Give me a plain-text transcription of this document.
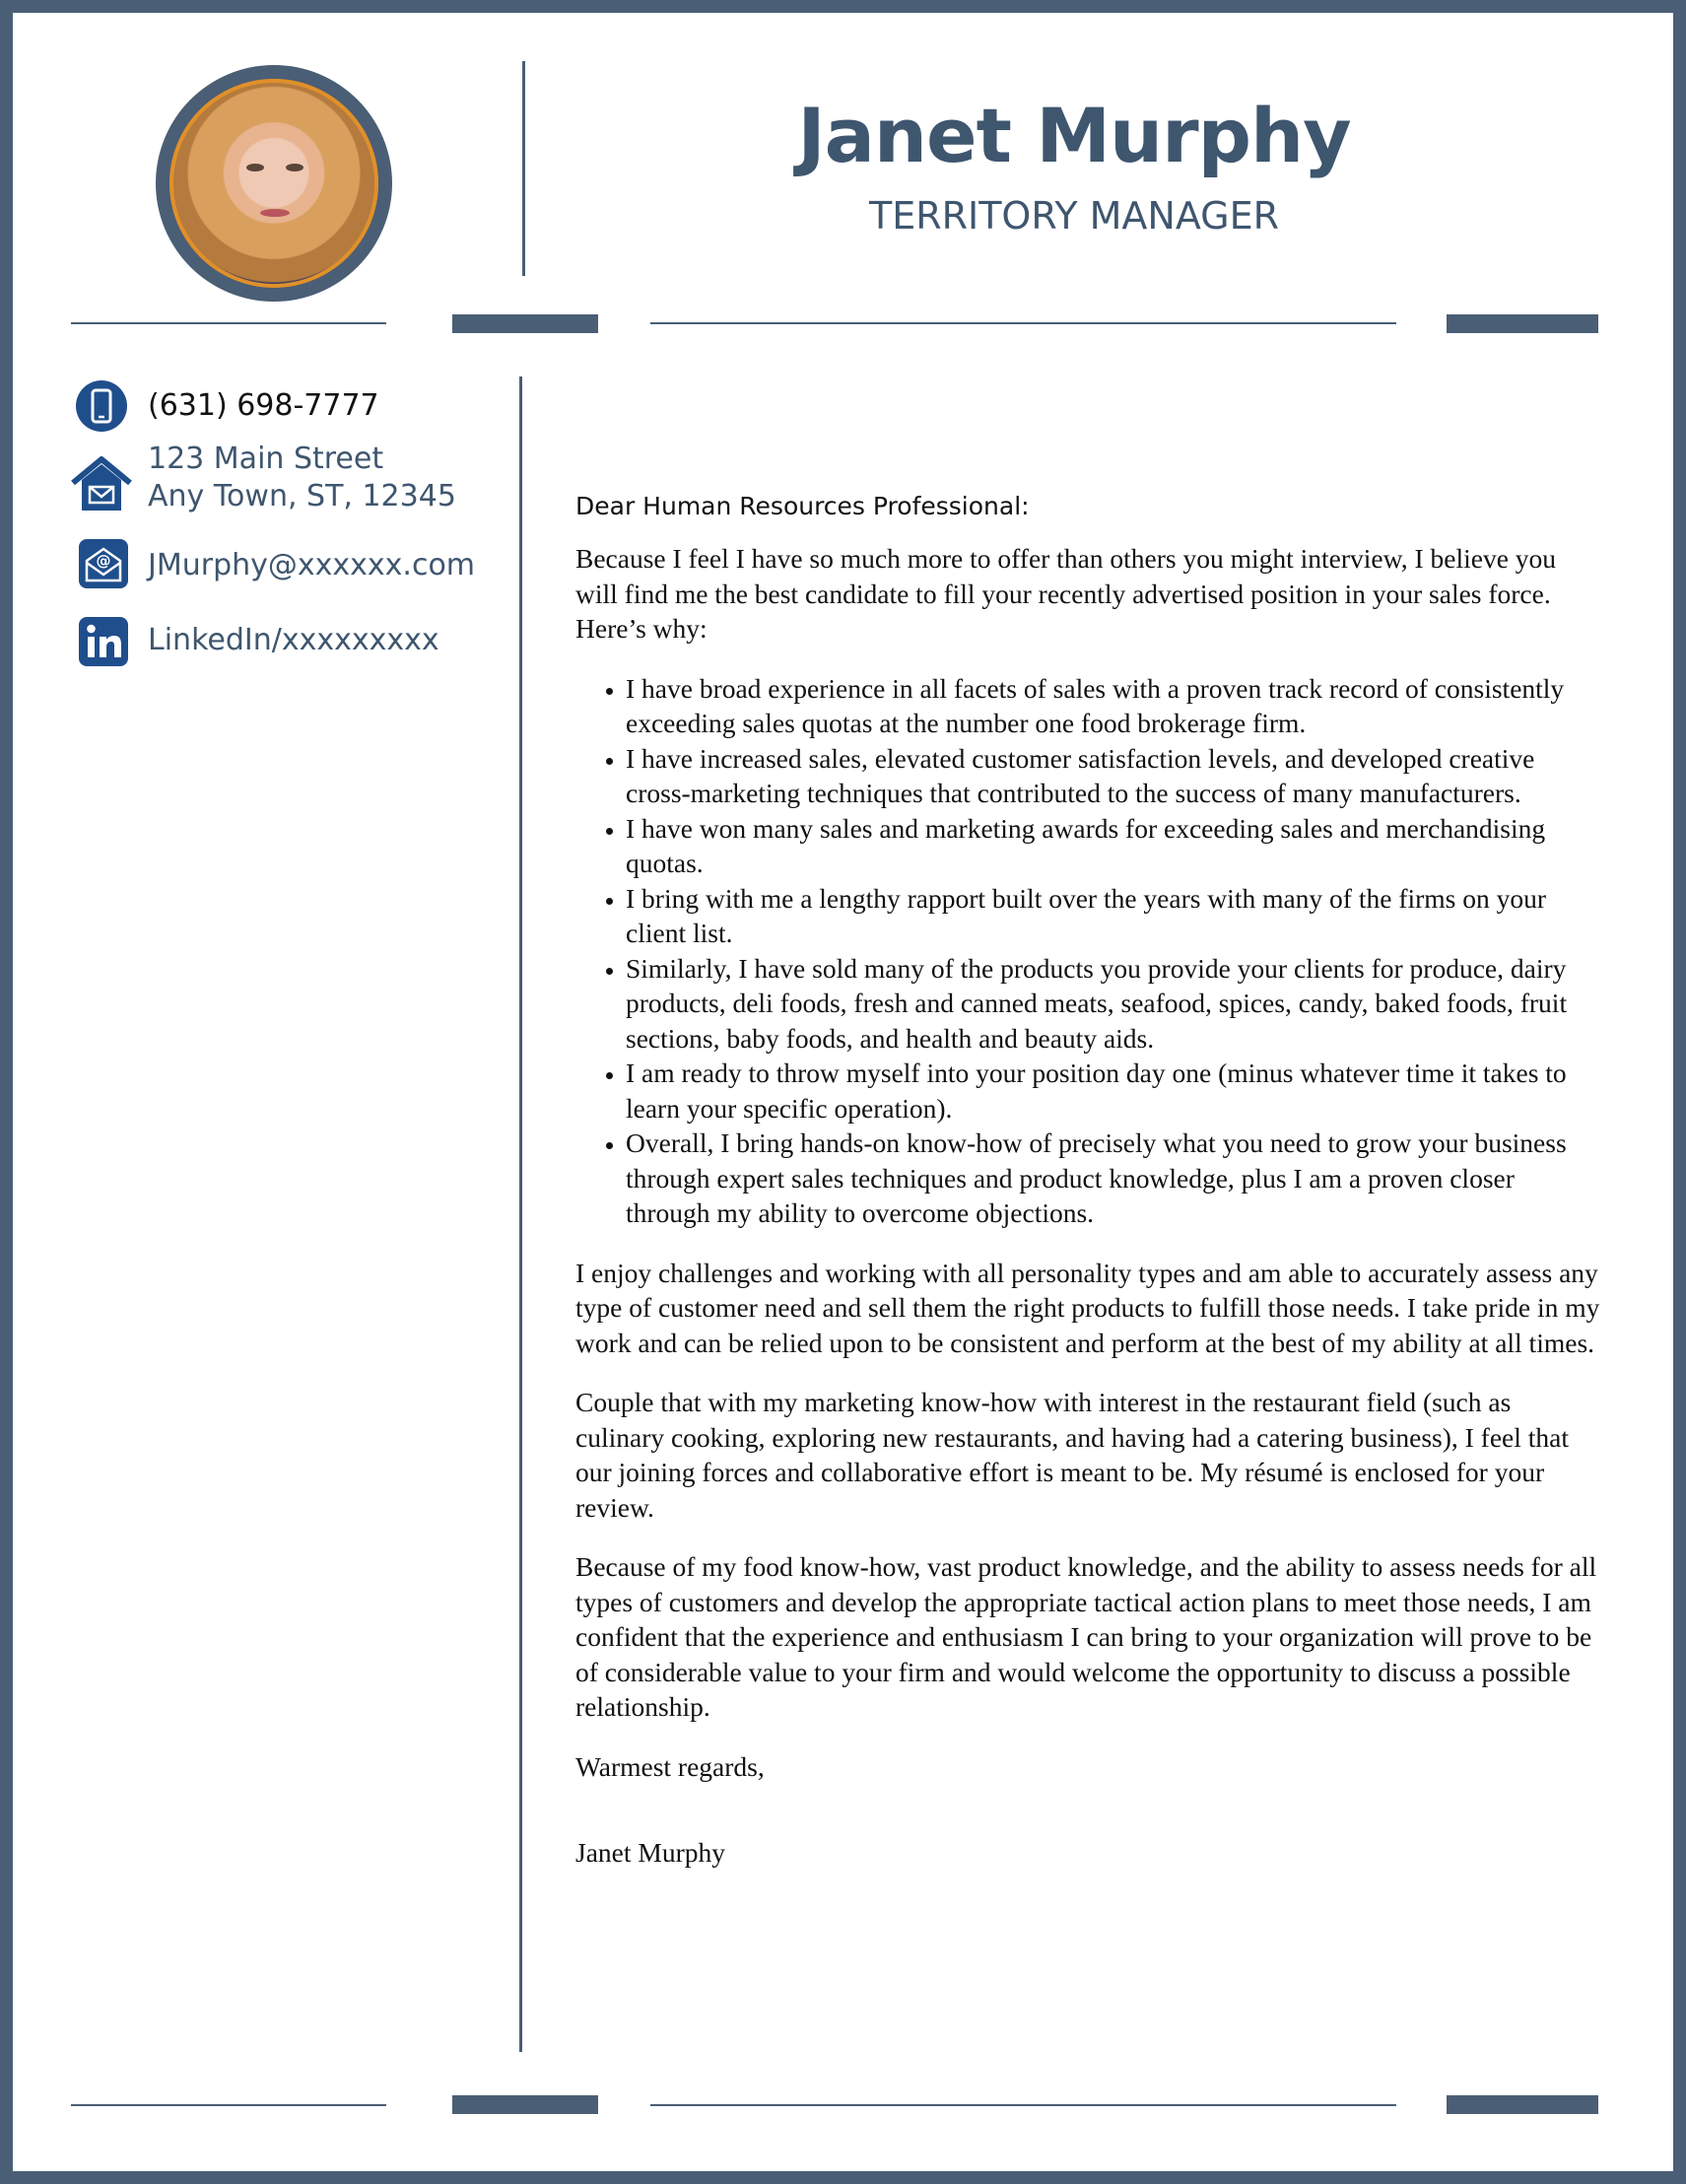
Janet Murphy
TERRITORY MANAGER
(631) 698-7777
123 Main Street
Any Town, ST, 12345
@ JMurphy@xxxxxx.com
LinkedIn/xxxxxxxxx
Dear Human Resources Professional:

Because I feel I have so much more to offer than others you might interview, I believe you will find me the best candidate to fill your recently advertised position in your sales force. Here’s why:

• I have broad experience in all facets of sales with a proven track record of consistently exceeding sales quotas at the number one food brokerage firm.
• I have increased sales, elevated customer satisfaction levels, and developed creative cross-marketing techniques that contributed to the success of many manufacturers.
• I have won many sales and marketing awards for exceeding sales and merchandising quotas.
• I bring with me a lengthy rapport built over the years with many of the firms on your client list.
• Similarly, I have sold many of the products you provide your clients for produce, dairy products, deli foods, fresh and canned meats, seafood, spices, candy, baked foods, fruit sections, baby foods, and health and beauty aids.
• I am ready to throw myself into your position day one (minus whatever time it takes to learn your specific operation).
• Overall, I bring hands-on know-how of precisely what you need to grow your business through expert sales techniques and product knowledge, plus I am a proven closer through my ability to overcome objections.

I enjoy challenges and working with all personality types and am able to accurately assess any type of customer need and sell them the right products to fulfill those needs. I take pride in my work and can be relied upon to be consistent and perform at the best of my ability at all times.

Couple that with my marketing know-how with interest in the restaurant field (such as culinary cooking, exploring new restaurants, and having had a catering business), I feel that our joining forces and collaborative effort is meant to be. My résumé is enclosed for your review.

Because of my food know-how, vast product knowledge, and the ability to assess needs for all types of customers and develop the appropriate tactical action plans to meet those needs, I am confident that the experience and enthusiasm I can bring to your organization will prove to be of considerable value to your firm and would welcome the opportunity to discuss a possible relationship.

Warmest regards,

Janet Murphy
